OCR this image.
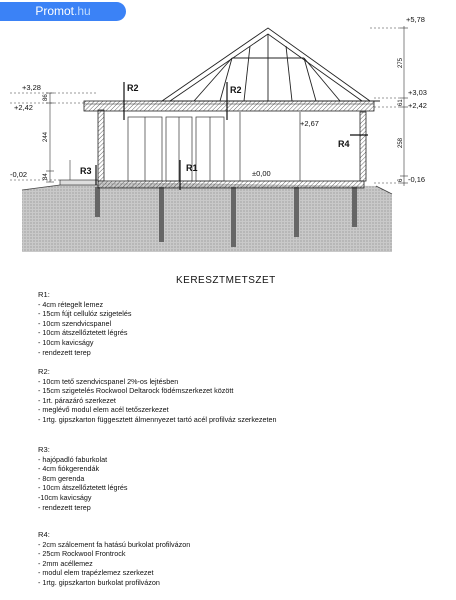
Promot.hu
+3,28
+2,42
-0,02
+5,78
+3,03
+2,42
-0,16
+2,67
±0,00
86
244
84
275
61
258
6
R2	R2
R1
R3
R4
KERESZTMETSZET
R1:
- 4cm rétegelt lemez
- 15cm fújt cellulóz szigetelés
- 10cm szendvicspanel
- 10cm átszellőztetett légrés
- 10cm kavicságy
- rendezett terep
R2:
- 10cm tető szendvicspanel 2%-os lejtésben
- 15cm szigetelés Rockwool Deltarock födémszerkezet között
- 1rt. párazáró szerkezet
- meglévő modul elem acél tetőszerkezet
- 1rtg. gipszkarton függesztett álmennyezet tartó acél profilváz szerkezeten
R3:
- hajópadló faburkolat
- 4cm fiókgerendák
- 8cm gerenda
- 10cm átszellőztetett légrés
-10cm kavicságy
- rendezett terep
R4:
- 2cm szálcement fa hatású burkolat profilvázon
- 25cm Rockwool Frontrock
- 2mm acéllemez
- modul elem trapézlemez szerkezet
- 1rtg. gipszkarton burkolat profilvázon
